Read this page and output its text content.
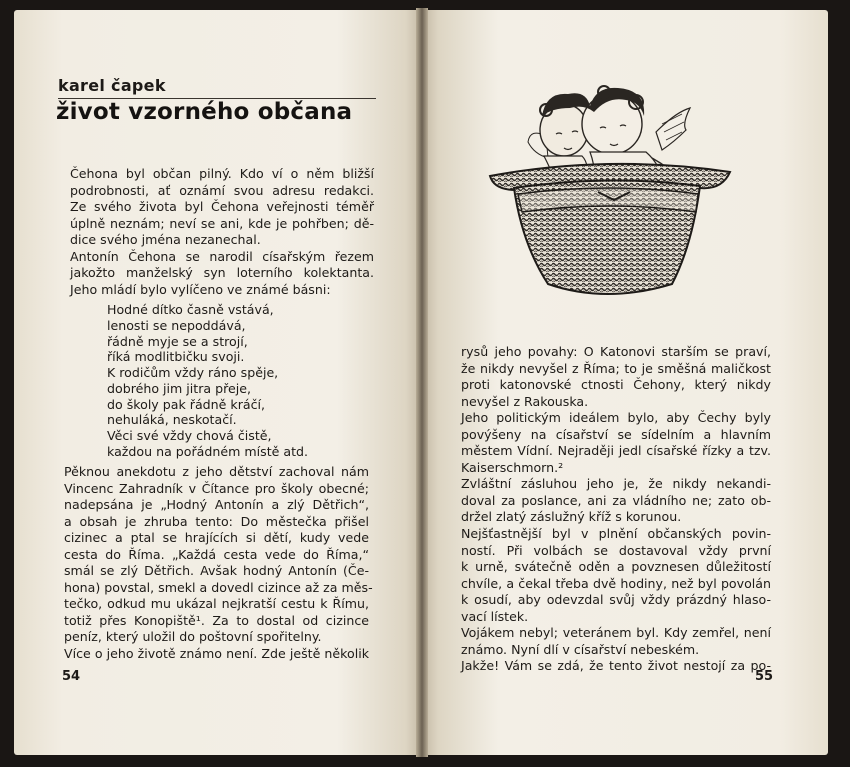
karel čapek
život vzorného občana
Čehona byl občan pilný. Kdo ví o něm bližší
podrobnosti, ať oznámí svou adresu redakci.
Ze svého života byl Čehona veřejnosti téměř
úplně neznám; neví se ani, kde je pohřben; dě-
dice svého jména nezanechal.
Antonín Čehona se narodil císařským řezem
jakožto manželský syn loterního kolektanta.
Jeho mládí bylo vylíčeno ve známé básni:
Hodné dítko časně vstává,
lenosti se nepoddává,
řádně myje se a strojí,
říká modlitbičku svoji.
K rodičům vždy ráno spěje,
dobrého jim jitra přeje,
do školy pak řádně kráčí,
nehuláká, neskotačí.
Věci své vždy chová čistě,
každou na pořádném místě atd.
Pěknou anekdotu z jeho dětství zachoval nám
Vincenc Zahradník v Čítance pro školy obecné;
nadepsána je „Hodný Antonín a zlý Dětřich“,
a obsah je zhruba tento: Do městečka přišel
cizinec a ptal se hrajících si dětí, kudy vede
cesta do Říma. „Každá cesta vede do Říma,“
smál se zlý Dětřich. Avšak hodný Antonín (Če-
hona) povstal, smekl a dovedl cizince až za měs-
tečko, odkud mu ukázal nejkratší cestu k Římu,
totiž přes Konopiště¹. Za to dostal od cizince
peníz, který uložil do poštovní spořitelny.
Více o jeho životě známo není. Zde ještě několik
54
rysů jeho povahy: O Katonovi starším se praví,
že nikdy nevyšel z Říma; to je směšná maličkost
proti katonovské ctnosti Čehony, který nikdy
nevyšel z Rakouska.
Jeho politickým ideálem bylo, aby Čechy byly
povýšeny na císařství se sídelním a hlavním
městem Vídní. Nejraději jedl císařské řízky a tzv.
Kaiserschmorn.²
Zvláštní zásluhou jeho je, že nikdy nekandi-
doval za poslance, ani za vládního ne; zato ob-
držel zlatý záslužný kříž s korunou.
Nejšťastnější byl v plnění občanských povin-
ností. Při volbách se dostavoval vždy první
k urně, svátečně oděn a povznesen důležitostí
chvíle, a čekal třeba dvě hodiny, než byl povolán
k osudí, aby odevzdal svůj vždy prázdný hlaso-
vací lístek.
Vojákem nebyl; veteránem byl. Kdy zemřel, není
známo. Nyní dlí v císařství nebeském.
Jakže! Vám se zdá, že tento život nestojí za po-
55
